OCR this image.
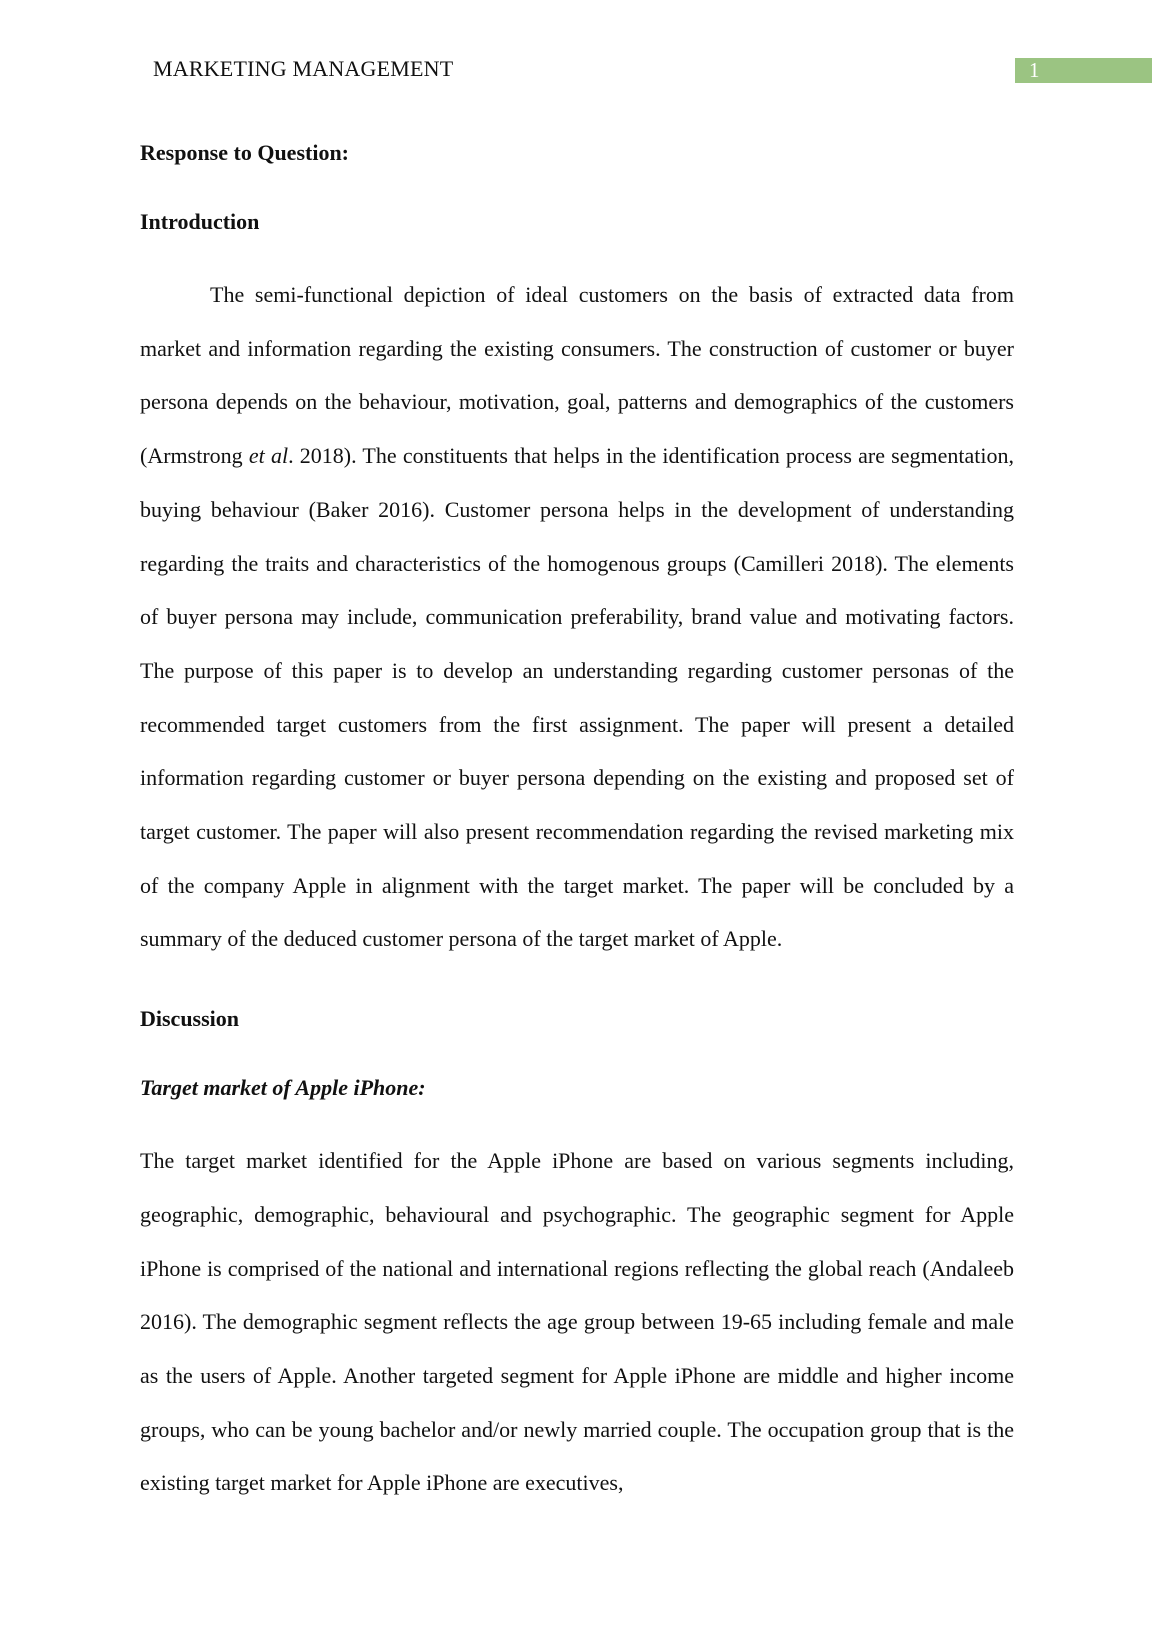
MARKETING MANAGEMENT	1

Response to Question:

Introduction

The semi-functional depiction of ideal customers on the basis of extracted data from market and information regarding the existing consumers. The construction of customer or buyer persona depends on the behaviour, motivation, goal, patterns and demographics of the customers (Armstrong et al. 2018). The constituents that helps in the identification process are segmentation, buying behaviour (Baker 2016). Customer persona helps in the development of understanding regarding the traits and characteristics of the homogenous groups (Camilleri 2018). The elements of buyer persona may include, communication preferability, brand value and motivating factors. The purpose of this paper is to develop an understanding regarding customer personas of the recommended target customers from the first assignment. The paper will present a detailed information regarding customer or buyer persona depending on the existing and proposed set of target customer. The paper will also present recommendation regarding the revised marketing mix of the company Apple in alignment with the target market. The paper will be concluded by a summary of the deduced customer persona of the target market of Apple.

Discussion

Target market of Apple iPhone:

The target market identified for the Apple iPhone are based on various segments including, geographic, demographic, behavioural and psychographic. The geographic segment for Apple iPhone is comprised of the national and international regions reflecting the global reach (Andaleeb 2016). The demographic segment reflects the age group between 19-65 including female and male as the users of Apple. Another targeted segment for Apple iPhone are middle and higher income groups, who can be young bachelor and/or newly married couple. The occupation group that is the existing target market for Apple iPhone are executives,
